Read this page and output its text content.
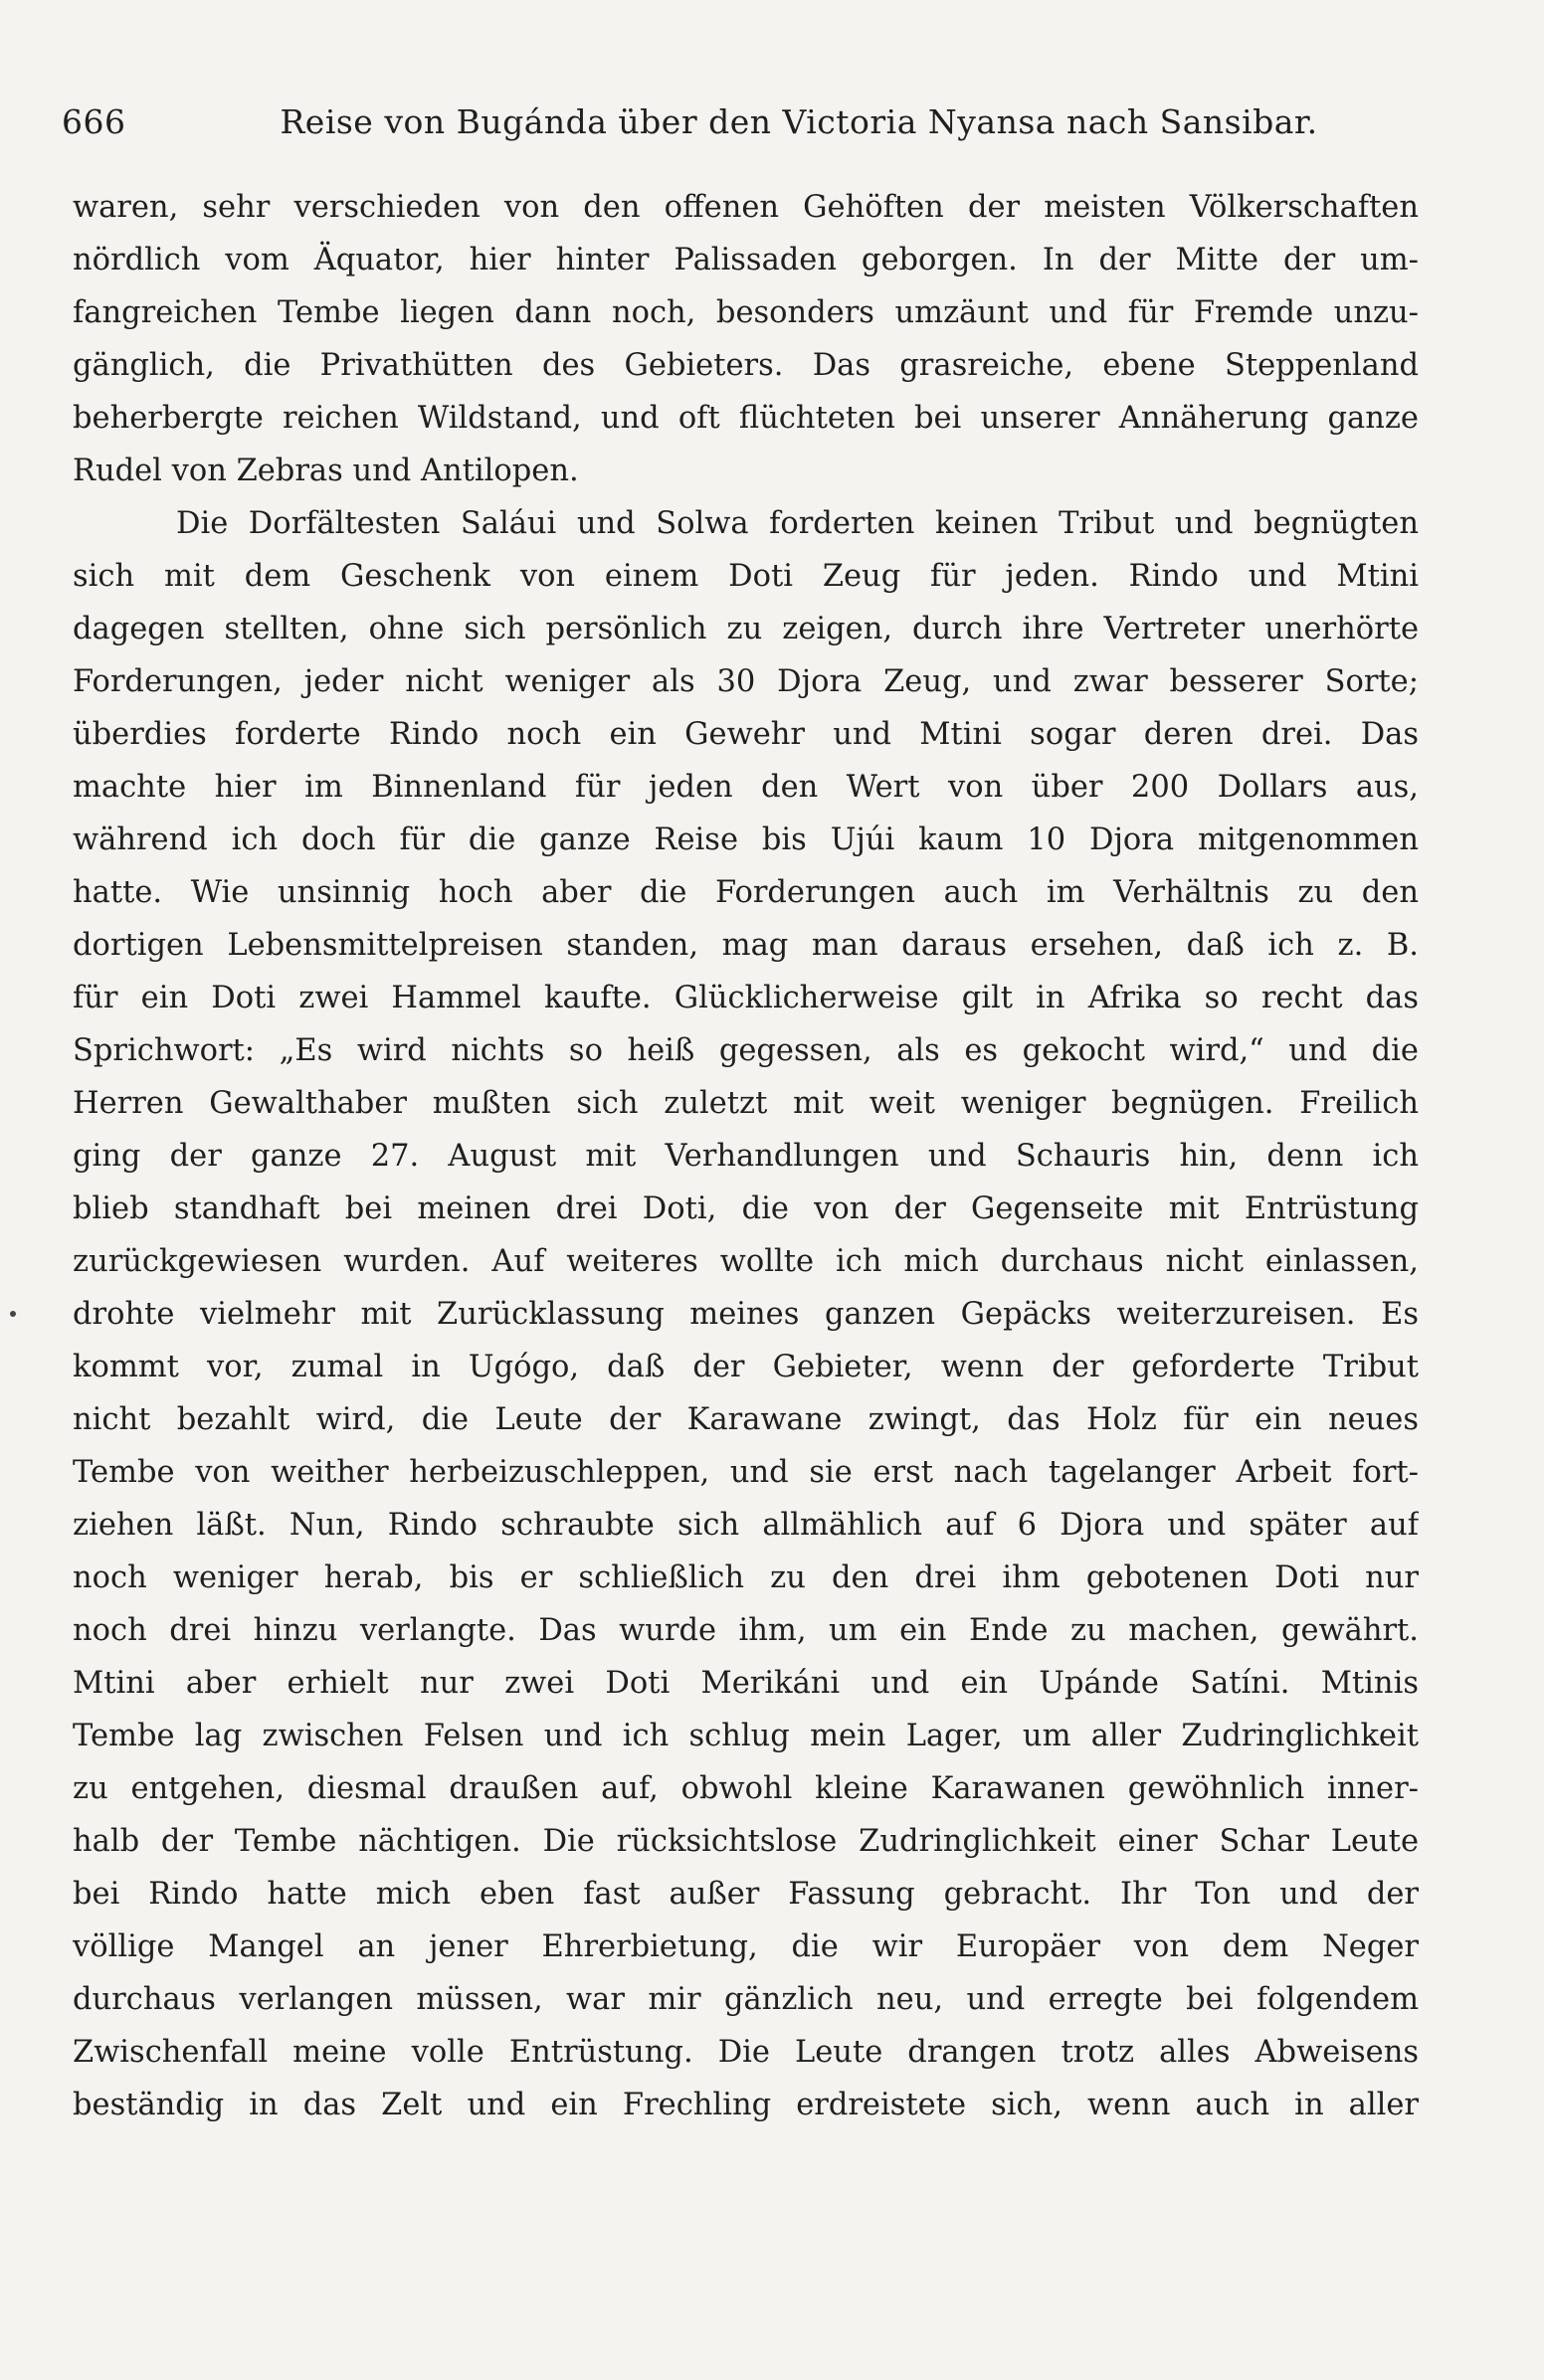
666	Reise von Bugánda über den Victoria Nyansa nach Sansibar.
waren, sehr verschieden von den offenen Gehöften der meisten Völkerschaften
nördlich vom Äquator, hier hinter Palissaden geborgen. In der Mitte der um-
fangreichen Tembe liegen dann noch, besonders umzäunt und für Fremde unzu-
gänglich, die Privathütten des Gebieters. Das grasreiche, ebene Steppenland
beherbergte reichen Wildstand, und oft flüchteten bei unserer Annäherung ganze
Rudel von Zebras und Antilopen.
Die Dorfältesten Saláui und Solwa forderten keinen Tribut und begnügten
sich mit dem Geschenk von einem Doti Zeug für jeden. Rindo und Mtini
dagegen stellten, ohne sich persönlich zu zeigen, durch ihre Vertreter unerhörte
Forderungen, jeder nicht weniger als 30 Djora Zeug, und zwar besserer Sorte;
überdies forderte Rindo noch ein Gewehr und Mtini sogar deren drei. Das
machte hier im Binnenland für jeden den Wert von über 200 Dollars aus,
während ich doch für die ganze Reise bis Ujúi kaum 10 Djora mitgenommen
hatte. Wie unsinnig hoch aber die Forderungen auch im Verhältnis zu den
dortigen Lebensmittelpreisen standen, mag man daraus ersehen, daß ich z. B.
für ein Doti zwei Hammel kaufte. Glücklicherweise gilt in Afrika so recht das
Sprichwort: „Es wird nichts so heiß gegessen, als es gekocht wird,“ und die
Herren Gewalthaber mußten sich zuletzt mit weit weniger begnügen. Freilich
ging der ganze 27. August mit Verhandlungen und Schauris hin, denn ich
blieb standhaft bei meinen drei Doti, die von der Gegenseite mit Entrüstung
zurückgewiesen wurden. Auf weiteres wollte ich mich durchaus nicht einlassen,
drohte vielmehr mit Zurücklassung meines ganzen Gepäcks weiterzureisen. Es
kommt vor, zumal in Ugógo, daß der Gebieter, wenn der geforderte Tribut
nicht bezahlt wird, die Leute der Karawane zwingt, das Holz für ein neues
Tembe von weither herbeizuschleppen, und sie erst nach tagelanger Arbeit fort-
ziehen läßt. Nun, Rindo schraubte sich allmählich auf 6 Djora und später auf
noch weniger herab, bis er schließlich zu den drei ihm gebotenen Doti nur
noch drei hinzu verlangte. Das wurde ihm, um ein Ende zu machen, gewährt.
Mtini aber erhielt nur zwei Doti Merikáni und ein Upánde Satíni. Mtinis
Tembe lag zwischen Felsen und ich schlug mein Lager, um aller Zudringlichkeit
zu entgehen, diesmal draußen auf, obwohl kleine Karawanen gewöhnlich inner-
halb der Tembe nächtigen. Die rücksichtslose Zudringlichkeit einer Schar Leute
bei Rindo hatte mich eben fast außer Fassung gebracht. Ihr Ton und der
völlige Mangel an jener Ehrerbietung, die wir Europäer von dem Neger
durchaus verlangen müssen, war mir gänzlich neu, und erregte bei folgendem
Zwischenfall meine volle Entrüstung. Die Leute drangen trotz alles Abweisens
beständig in das Zelt und ein Frechling erdreistete sich, wenn auch in aller
